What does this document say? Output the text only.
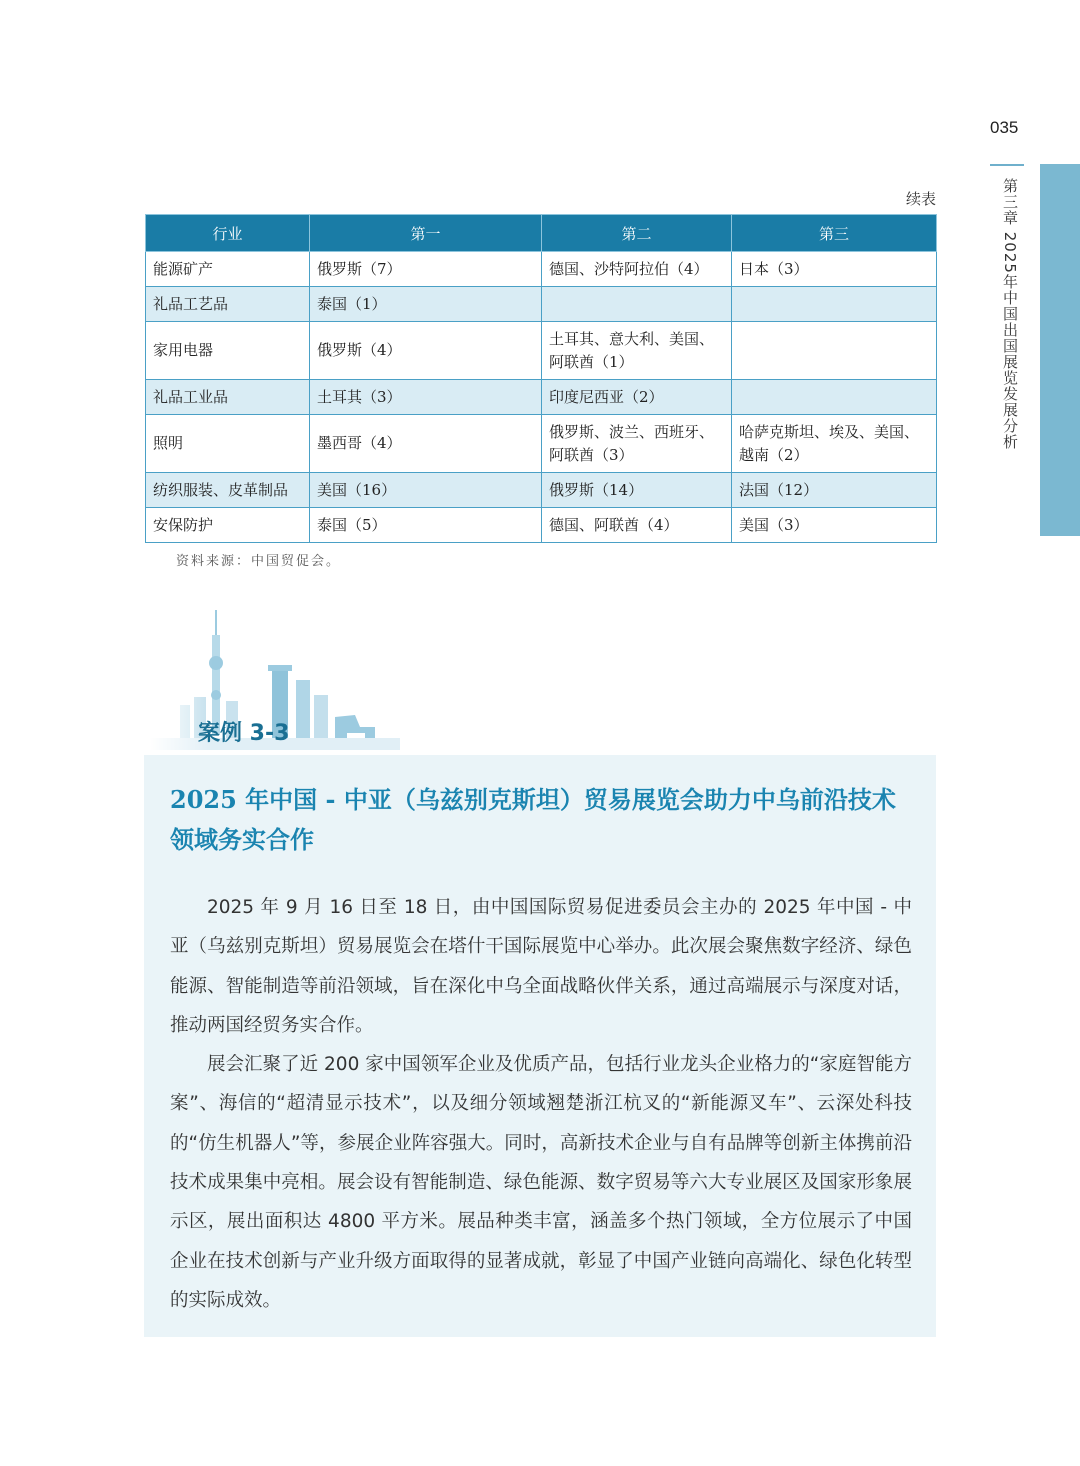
035
第三章 2025年中国出国展览发展分析
续表
行业	第一	第二	第三
能源矿产	俄罗斯（7）	德国、沙特阿拉伯（4）	日本（3）
礼品工艺品	泰国（1）		
家用电器	俄罗斯（4）	土耳其、意大利、美国、阿联酋（1）	
礼品工业品	土耳其（3）	印度尼西亚（2）	
照明	墨西哥（4）	俄罗斯、波兰、西班牙、阿联酋（3）	哈萨克斯坦、埃及、美国、越南（2）
纺织服装、皮革制品	美国（16）	俄罗斯（14）	法国（12）
安保防护	泰国（5）	德国、阿联酋（4）	美国（3）
资料来源：中国贸促会。
案例 3-3
2025 年中国 - 中亚（乌兹别克斯坦）贸易展览会助力中乌前沿技术领域务实合作

2025 年 9 月 16 日至 18 日，由中国国际贸易促进委员会主办的 2025 年中国 - 中亚（乌兹别克斯坦）贸易展览会在塔什干国际展览中心举办。此次展会聚焦数字经济、绿色能源、智能制造等前沿领域，旨在深化中乌全面战略伙伴关系，通过高端展示与深度对话，推动两国经贸务实合作。

展会汇聚了近 200 家中国领军企业及优质产品，包括行业龙头企业格力的“家庭智能方案”、海信的“超清显示技术”，以及细分领域翘楚浙江杭叉的“新能源叉车”、云深处科技的“仿生机器人”等，参展企业阵容强大。同时，高新技术企业与自有品牌等创新主体携前沿技术成果集中亮相。展会设有智能制造、绿色能源、数字贸易等六大专业展区及国家形象展示区，展出面积达 4800 平方米。展品种类丰富，涵盖多个热门领域，全方位展示了中国企业在技术创新与产业升级方面取得的显著成就，彰显了中国产业链向高端化、绿色化转型的实际成效。
